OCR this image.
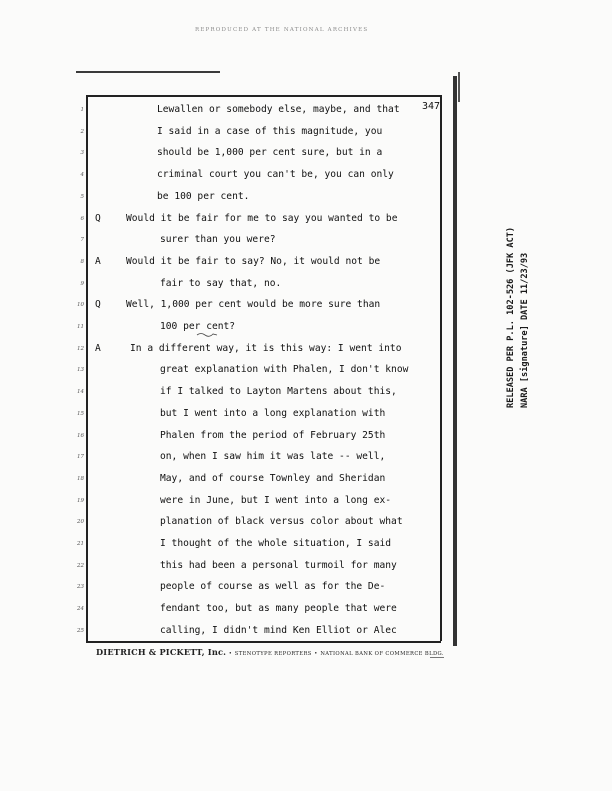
REPRODUCED AT THE NATIONAL ARCHIVES
347
1	Lewallen or somebody else, maybe, and that
2	I said in a case of this magnitude, you
3	should be 1,000 per cent sure, but in a
4	criminal court you can't be, you can only
5	be 100 per cent.
6 Q	Would it be fair for me to say you wanted to be
7	surer than you were?
8 A	Would it be fair to say? No, it would not be
9	fair to say that, no.
10 Q	Well, 1,000 per cent would be more sure than
11	100 per cent?
12 A	In a different way, it is this way: I went into
13	great explanation with Phalen, I don't know
14	if I talked to Layton Martens about this,
15	but I went into a long explanation with
16	Phalen from the period of February 25th
17	on, when I saw him it was late -- well,
18	May, and of course Townley and Sheridan
19	were in June, but I went into a long ex-
20	planation of black versus color about what
21	I thought of the whole situation, I said
22	this had been a personal turmoil for many
23	people of course as well as for the De-
24	fendant too, but as many people that were
25	calling, I didn't mind Ken Elliot or Alec
DIETRICH & PICKETT, Inc. • STENOTYPE REPORTERS • NATIONAL BANK OF COMMERCE BLDG.
RELEASED PER P.L. 102-526 (JFK ACT) NARA [signature] DATE 11/23/93
